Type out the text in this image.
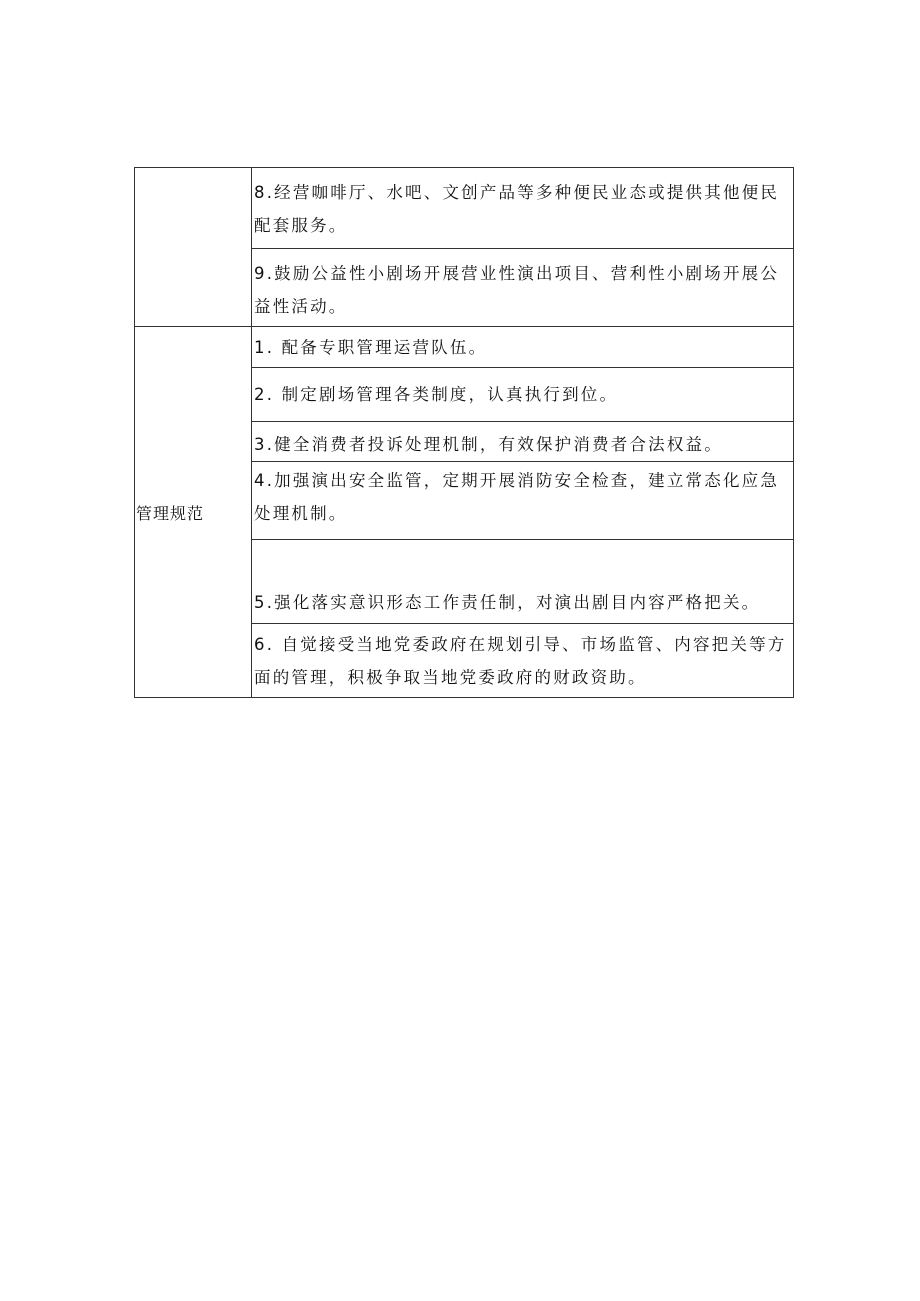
8.经营咖啡厅、水吧、文创产品等多种便民业态或提供其他便民配套服务。
9.鼓励公益性小剧场开展营业性演出项目、营利性小剧场开展公益性活动。
管理规范
1. 配备专职管理运营队伍。
2. 制定剧场管理各类制度，认真执行到位。
3.健全消费者投诉处理机制，有效保护消费者合法权益。
4.加强演出安全监管，定期开展消防安全检查，建立常态化应急处理机制。
5.强化落实意识形态工作责任制，对演出剧目内容严格把关。
6. 自觉接受当地党委政府在规划引导、市场监管、内容把关等方面的管理，积极争取当地党委政府的财政资助。
